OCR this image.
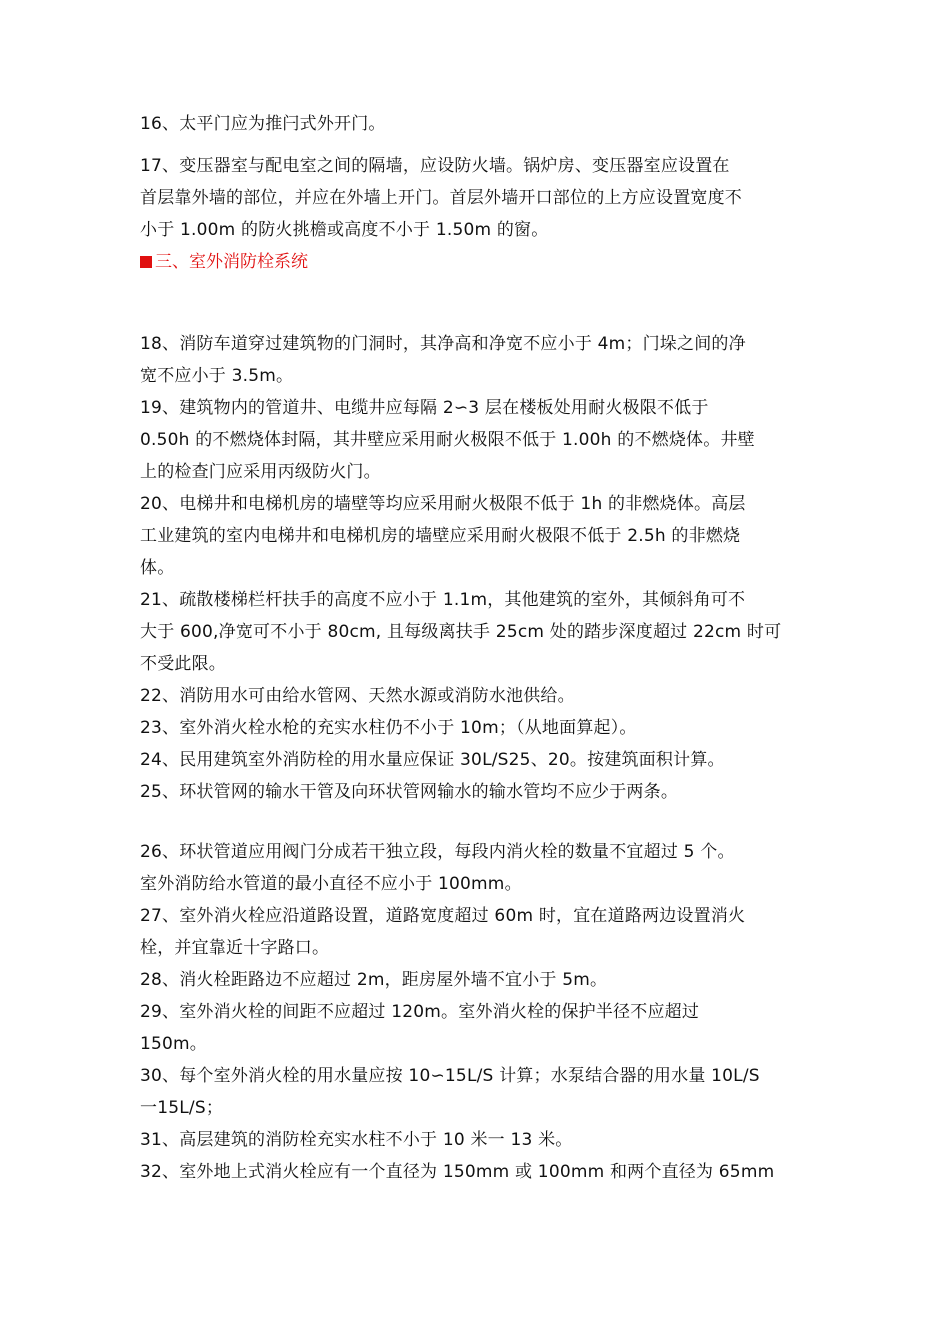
16、太平门应为推闩式外开门。
17、变压器室与配电室之间的隔墙，应设防火墙。锅炉房、变压器室应设置在
首层靠外墙的部位，并应在外墙上开门。首层外墙开口部位的上方应设置宽度不
小于 1.00m 的防火挑檐或高度不小于 1.50m 的窗。
三、室外消防栓系统
18、消防车道穿过建筑物的门洞时，其净高和净宽不应小于 4m；门垛之间的净
宽不应小于 3.5m。
19、建筑物内的管道井、电缆井应每隔 2∽3 层在楼板处用耐火极限不低于
0.50h 的不燃烧体封隔，其井壁应采用耐火极限不低于 1.00h 的不燃烧体。井壁
上的检查门应采用丙级防火门。
20、电梯井和电梯机房的墙壁等均应采用耐火极限不低于 1h 的非燃烧体。高层
工业建筑的室内电梯井和电梯机房的墙壁应采用耐火极限不低于 2.5h 的非燃烧
体。
21、疏散楼梯栏杆扶手的高度不应小于 1.1m，其他建筑的室外，其倾斜角可不
大于 600,净宽可不小于 80cm, 且每级离扶手 25cm 处的踏步深度超过 22cm 时可
不受此限。
22、消防用水可由给水管网、天然水源或消防水池供给。
23、室外消火栓水枪的充实水柱仍不小于 10m；（从地面算起）。
24、民用建筑室外消防栓的用水量应保证 30L/S25、20。按建筑面积计算。
25、环状管网的输水干管及向环状管网输水的输水管均不应少于两条。
26、环状管道应用阀门分成若干独立段，每段内消火栓的数量不宜超过 5 个。
室外消防给水管道的最小直径不应小于 100mm。
27、室外消火栓应沿道路设置，道路宽度超过 60m 时，宜在道路两边设置消火
栓，并宜靠近十字路口。
28、消火栓距路边不应超过 2m，距房屋外墙不宜小于 5m。
29、室外消火栓的间距不应超过 120m。室外消火栓的保护半径不应超过
150m。
30、每个室外消火栓的用水量应按 10∽15L/S 计算；水泵结合器的用水量 10L/S
一15L/S；
31、高层建筑的消防栓充实水柱不小于 10 米一 13 米。
32、室外地上式消火栓应有一个直径为 150mm 或 100mm 和两个直径为 65mm
